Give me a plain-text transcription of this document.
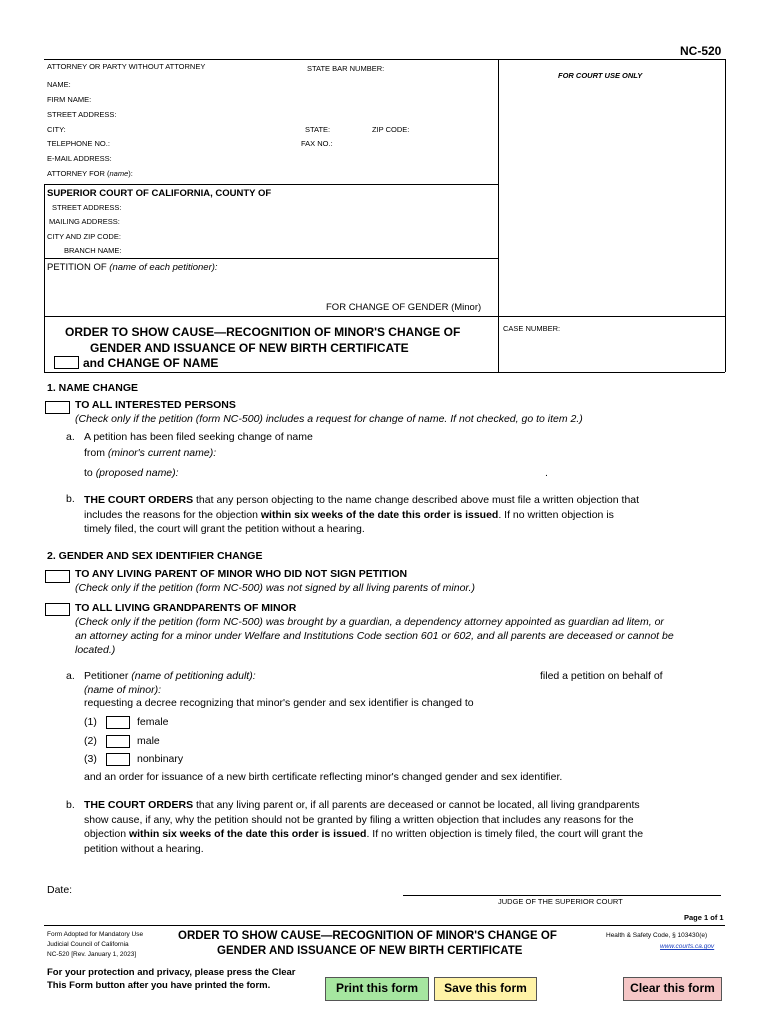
NC-520
ATTORNEY OR PARTY WITHOUT ATTORNEY	STATE BAR NUMBER:
FOR COURT USE ONLY
NAME:
FIRM NAME:
STREET ADDRESS:
CITY:	STATE:	ZIP CODE:
TELEPHONE NO.:	FAX NO.:
E-MAIL ADDRESS:
ATTORNEY FOR (name):
SUPERIOR COURT OF CALIFORNIA, COUNTY OF
STREET ADDRESS:
MAILING ADDRESS:
CITY AND ZIP CODE:
BRANCH NAME:
PETITION OF (name of each petitioner):
FOR CHANGE OF GENDER (Minor)
ORDER TO SHOW CAUSE—RECOGNITION OF MINOR'S CHANGE OF
GENDER AND ISSUANCE OF NEW BIRTH CERTIFICATE
and CHANGE OF NAME
CASE NUMBER:
1. NAME CHANGE
TO ALL INTERESTED PERSONS
(Check only if the petition (form NC-500) includes a request for change of name. If not checked, go to item 2.)
a. A petition has been filed seeking change of name
from (minor's current name):
to (proposed name):	.
b. THE COURT ORDERS that any person objecting to the name change described above must file a written objection that
includes the reasons for the objection within six weeks of the date this order is issued. If no written objection is
timely filed, the court will grant the petition without a hearing.
2. GENDER AND SEX IDENTIFIER CHANGE
TO ANY LIVING PARENT OF MINOR WHO DID NOT SIGN PETITION
(Check only if the petition (form NC-500) was not signed by all living parents of minor.)
TO ALL LIVING GRANDPARENTS OF MINOR
(Check only if the petition (form NC-500) was brought by a guardian, a dependency attorney appointed as guardian ad litem, or
an attorney acting for a minor under Welfare and Institutions Code section 601 or 602, and all parents are deceased or cannot be
located.)
a. Petitioner (name of petitioning adult):	filed a petition on behalf of
(name of minor):
requesting a decree recognizing that minor's gender and sex identifier is changed to
(1)	female
(2)	male
(3)	nonbinary
and an order for issuance of a new birth certificate reflecting minor's changed gender and sex identifier.
b. THE COURT ORDERS that any living parent or, if all parents are deceased or cannot be located, all living grandparents
show cause, if any, why the petition should not be granted by filing a written objection that includes any reasons for the
objection within six weeks of the date this order is issued. If no written objection is timely filed, the court will grant the
petition without a hearing.
Date:
JUDGE OF THE SUPERIOR COURT
Page 1 of 1
Form Adopted for Mandatory Use
Judicial Council of California
NC-520 [Rev. January 1, 2023]
ORDER TO SHOW CAUSE—RECOGNITION OF MINOR'S CHANGE OF
GENDER AND ISSUANCE OF NEW BIRTH CERTIFICATE
Health & Safety Code, § 103430(e)
www.courts.ca.gov
For your protection and privacy, please press the Clear
This Form button after you have printed the form.	Print this form	Save this form	Clear this form
